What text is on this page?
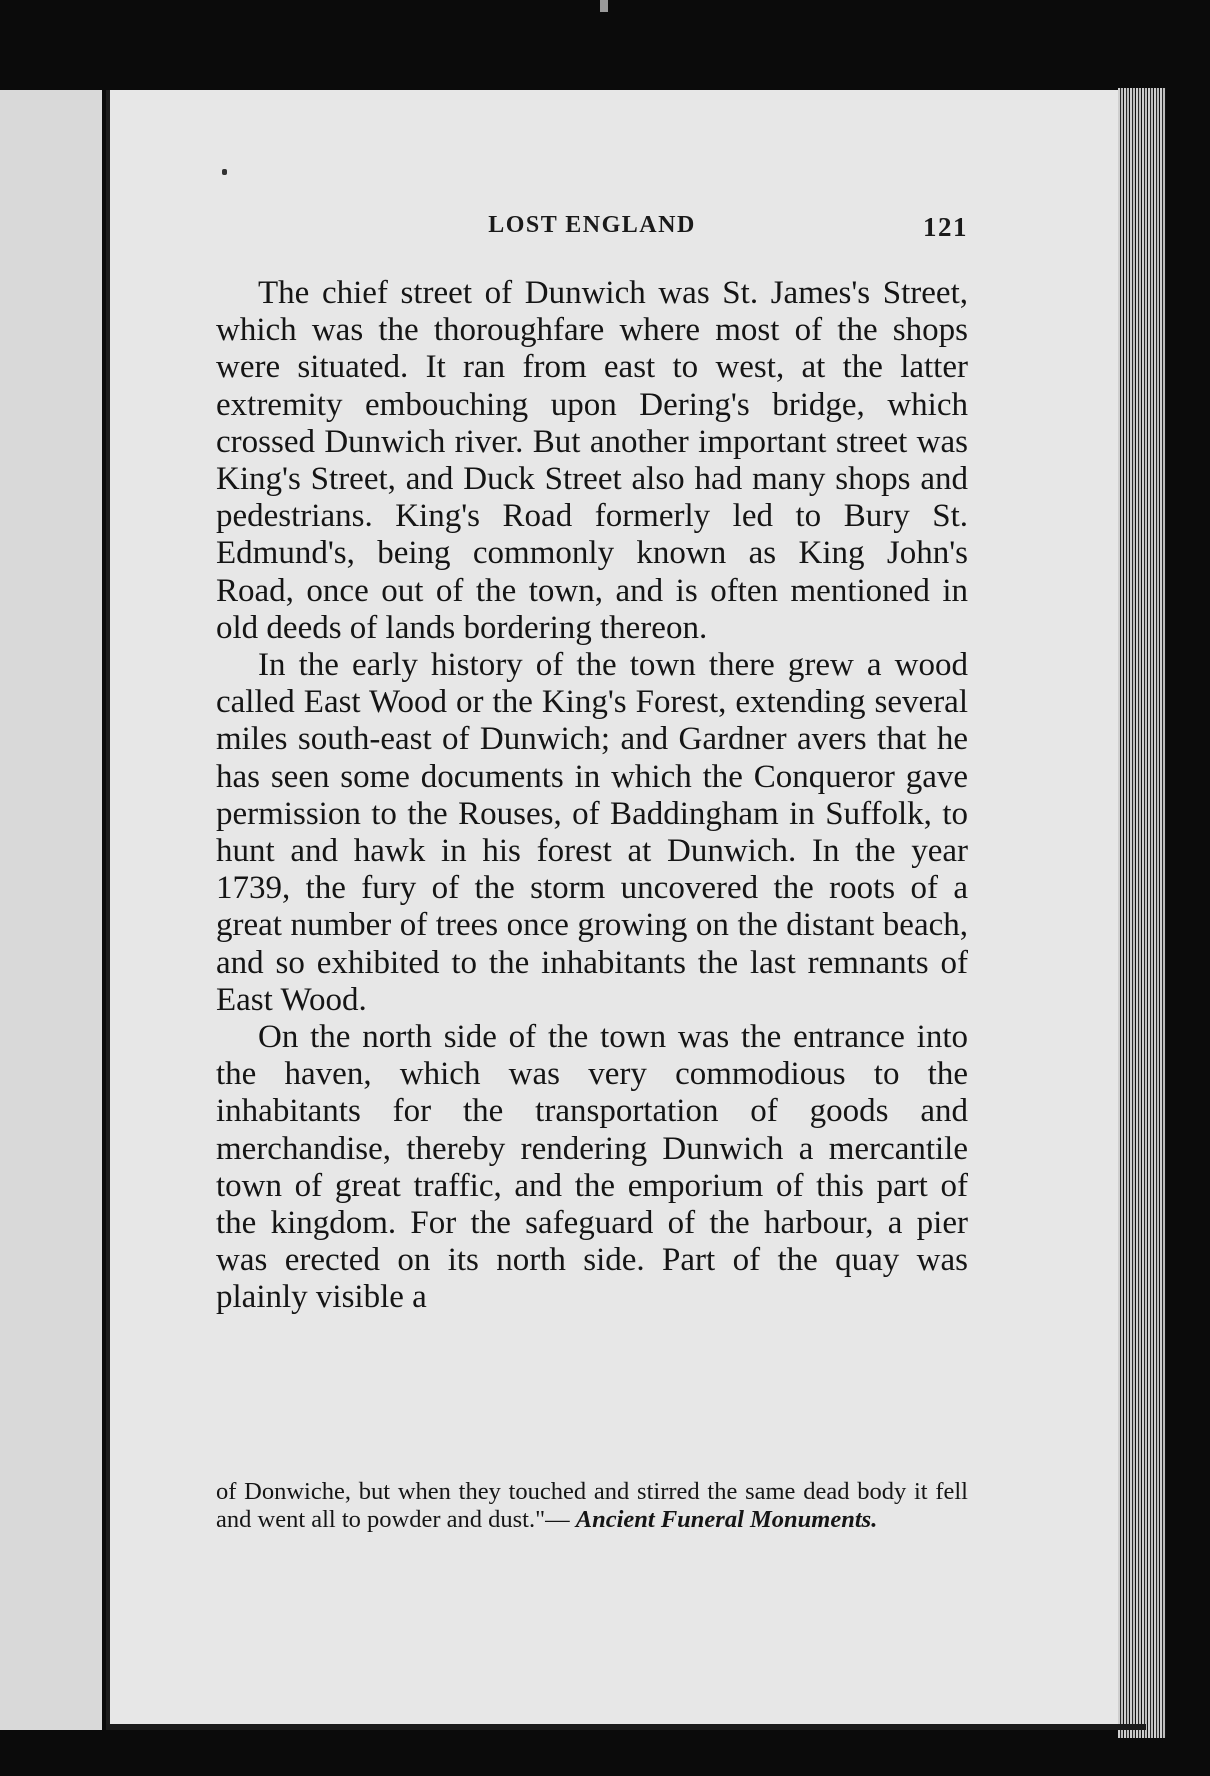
LOST ENGLAND	121

The chief street of Dunwich was St. James's Street, which was the thoroughfare where most of the shops were situated. It ran from east to west, at the latter extremity embouching upon Dering's bridge, which crossed Dunwich river. But another important street was King's Street, and Duck Street also had many shops and pedestrians. King's Road formerly led to Bury St. Edmund's, being commonly known as King John's Road, once out of the town, and is often mentioned in old deeds of lands bordering thereon.

In the early history of the town there grew a wood called East Wood or the King's Forest, extending several miles south-east of Dunwich; and Gardner avers that he has seen some documents in which the Conqueror gave permission to the Rouses, of Baddingham in Suffolk, to hunt and hawk in his forest at Dunwich. In the year 1739, the fury of the storm uncovered the roots of a great number of trees once growing on the distant beach, and so exhibited to the inhabitants the last remnants of East Wood.

On the north side of the town was the entrance into the haven, which was very commodious to the inhabitants for the transportation of goods and merchandise, thereby rendering Dunwich a mercantile town of great traffic, and the emporium of this part of the kingdom. For the safeguard of the harbour, a pier was erected on its north side. Part of the quay was plainly visible a

of Donwiche, but when they touched and stirred the same dead body it fell and went all to powder and dust."— Ancient Funeral Monuments.
